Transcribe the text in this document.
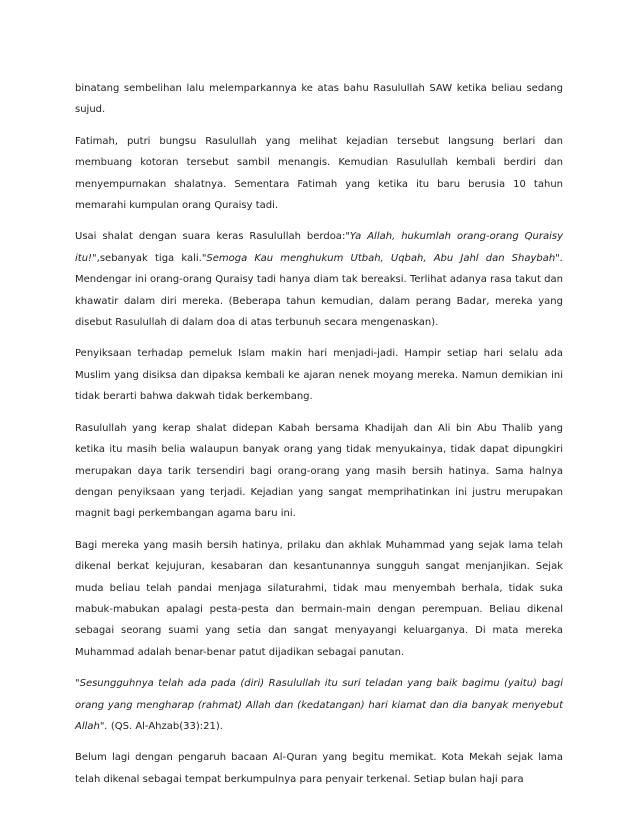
binatang sembelihan lalu melemparkannya ke atas bahu Rasulullah SAW ketika beliau sedang sujud.

Fatimah, putri bungsu Rasulullah yang melihat kejadian tersebut langsung berlari dan membuang kotoran tersebut sambil menangis. Kemudian Rasulullah kembali berdiri dan menyempurnakan shalatnya. Sementara Fatimah yang ketika itu baru berusia 10 tahun memarahi kumpulan orang Quraisy tadi.

Usai shalat dengan suara keras Rasulullah berdoa:"Ya Allah, hukumlah orang-orang Quraisy itu!",sebanyak tiga kali."Semoga Kau menghukum Utbah, Uqbah, Abu Jahl dan Shaybah". Mendengar ini orang-orang Quraisy tadi hanya diam tak bereaksi. Terlihat adanya rasa takut dan khawatir dalam diri mereka. (Beberapa tahun kemudian, dalam perang Badar, mereka yang disebut Rasulullah di dalam doa di atas terbunuh secara mengenaskan).

Penyiksaan terhadap pemeluk Islam makin hari menjadi-jadi. Hampir setiap hari selalu ada Muslim yang disiksa dan dipaksa kembali ke ajaran nenek moyang mereka. Namun demikian ini tidak berarti bahwa dakwah tidak berkembang.

Rasulullah yang kerap shalat didepan Kabah bersama Khadijah dan Ali bin Abu Thalib yang ketika itu masih belia walaupun banyak orang yang tidak menyukainya, tidak dapat dipungkiri merupakan daya tarik tersendiri bagi orang-orang yang masih bersih hatinya. Sama halnya dengan penyiksaan yang terjadi. Kejadian yang sangat memprihatinkan ini justru merupakan magnit bagi perkembangan agama baru ini.

Bagi mereka yang masih bersih hatinya, prilaku dan akhlak Muhammad yang sejak lama telah dikenal berkat kejujuran, kesabaran dan kesantunannya sungguh sangat menjanjikan. Sejak muda beliau telah pandai menjaga silaturahmi, tidak mau menyembah berhala, tidak suka mabuk-mabukan apalagi pesta-pesta dan bermain-main dengan perempuan. Beliau dikenal sebagai seorang suami yang setia dan sangat menyayangi keluarganya. Di mata mereka Muhammad adalah benar-benar patut dijadikan sebagai panutan.

"Sesungguhnya telah ada pada (diri) Rasulullah itu suri teladan yang baik bagimu (yaitu) bagi orang yang mengharap (rahmat) Allah dan (kedatangan) hari kiamat dan dia banyak menyebut Allah". (QS. Al-Ahzab(33):21).

Belum lagi dengan pengaruh bacaan Al-Quran yang begitu memikat. Kota Mekah sejak lama telah dikenal sebagai tempat berkumpulnya para penyair terkenal. Setiap bulan haji para
